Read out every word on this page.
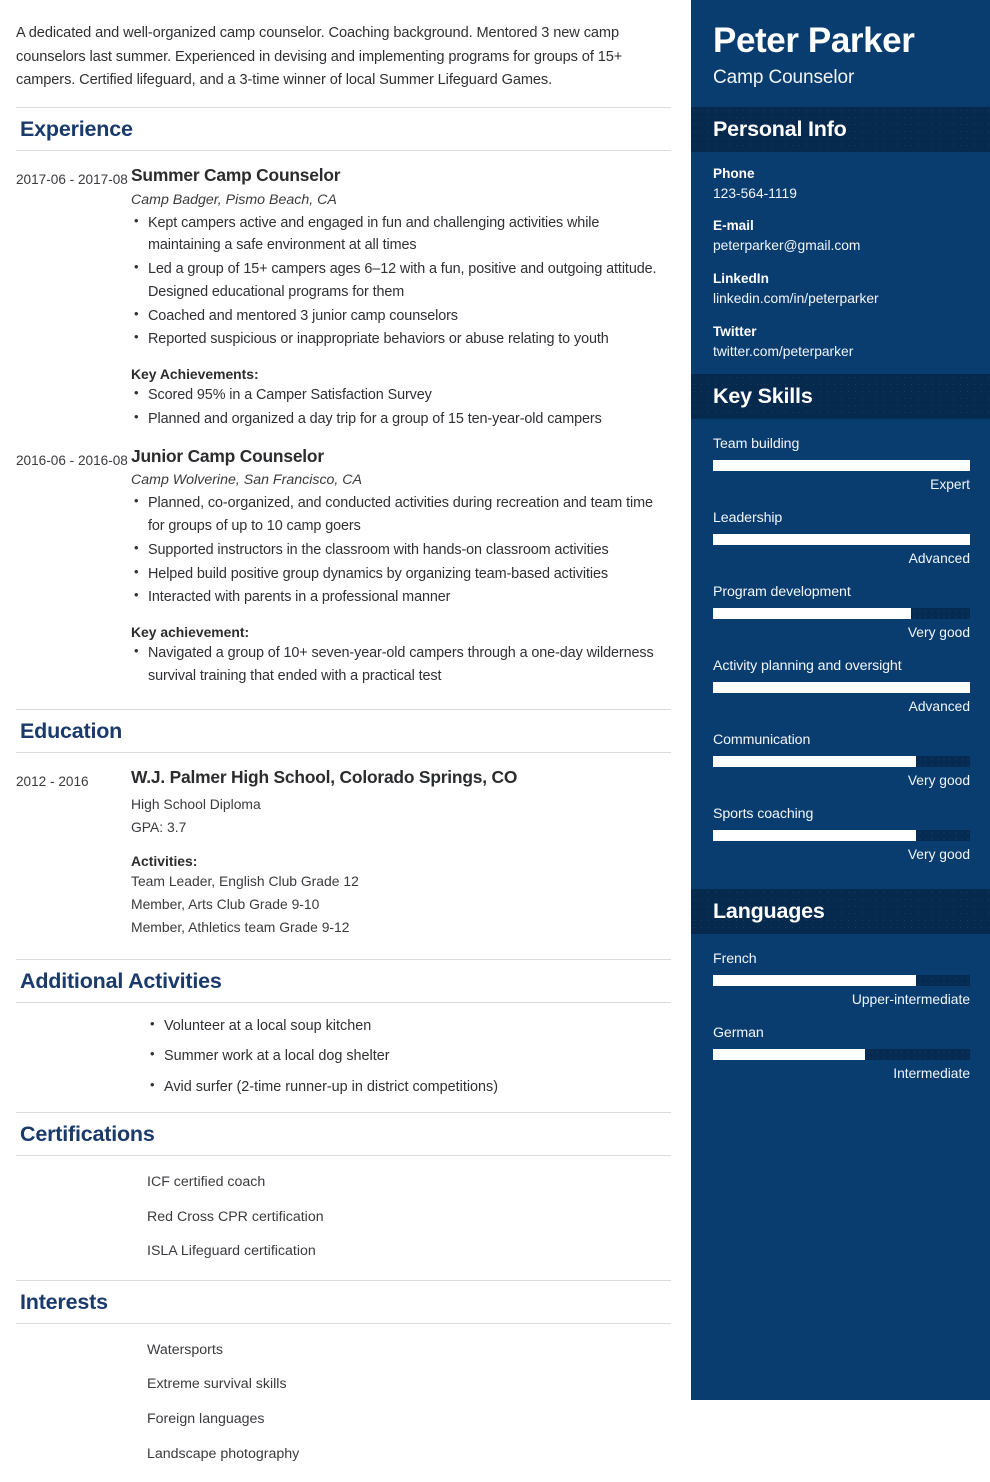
A dedicated and well-organized camp counselor. Coaching background. Mentored 3 new camp counselors last summer. Experienced in devising and implementing programs for groups of 15+ campers. Certified lifeguard, and a 3-time winner of local Summer Lifeguard Games.

Experience
2017-06 - 2017-08 Summer Camp Counselor
Camp Badger, Pismo Beach, CA
• Kept campers active and engaged in fun and challenging activities while maintaining a safe environment at all times
• Led a group of 15+ campers ages 6–12 with a fun, positive and outgoing attitude. Designed educational programs for them
• Coached and mentored 3 junior camp counselors
• Reported suspicious or inappropriate behaviors or abuse relating to youth
Key Achievements:
• Scored 95% in a Camper Satisfaction Survey
• Planned and organized a day trip for a group of 15 ten-year-old campers
2016-06 - 2016-08 Junior Camp Counselor
Camp Wolverine, San Francisco, CA
• Planned, co-organized, and conducted activities during recreation and team time for groups of up to 10 camp goers
• Supported instructors in the classroom with hands-on classroom activities
• Helped build positive group dynamics by organizing team-based activities
• Interacted with parents in a professional manner
Key achievement:
• Navigated a group of 10+ seven-year-old campers through a one-day wilderness survival training that ended with a practical test
Education
2012 - 2016	W.J. Palmer High School, Colorado Springs, CO
High School Diploma
GPA: 3.7
Activities:
Team Leader, English Club Grade 12
Member, Arts Club Grade 9-10
Member, Athletics team Grade 9-12
Additional Activities
• Volunteer at a local soup kitchen
• Summer work at a local dog shelter
• Avid surfer (2-time runner-up in district competitions)
Certifications
ICF certified coach
Red Cross CPR certification
ISLA Lifeguard certification
Interests
Watersports
Extreme survival skills
Foreign languages
Landscape photography
Peter Parker
Camp Counselor
Personal Info
Phone
123-564-1119
E-mail
peterparker@gmail.com
LinkedIn
linkedin.com/in/peterparker
Twitter
twitter.com/peterparker
Key Skills
Team building
Expert
Leadership
Advanced
Program development
Very good
Activity planning and oversight
Advanced
Communication
Very good
Sports coaching
Very good
Languages
French
Upper-intermediate
German
Intermediate
